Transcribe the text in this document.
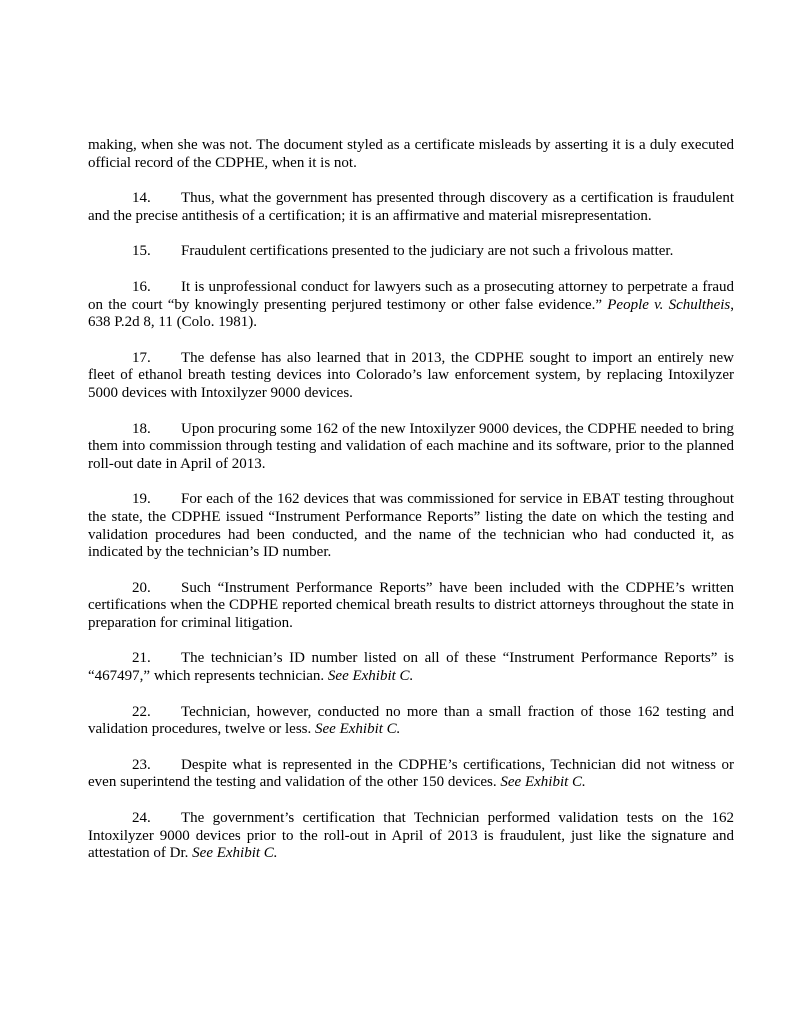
making, when she was not. The document styled as a certificate misleads by asserting it is a duly executed official record of the CDPHE, when it is not.

14. Thus, what the government has presented through discovery as a certification is fraudulent and the precise antithesis of a certification; it is an affirmative and material misrepresentation.

15. Fraudulent certifications presented to the judiciary are not such a frivolous matter.

16. It is unprofessional conduct for lawyers such as a prosecuting attorney to perpetrate a fraud on the court “by knowingly presenting perjured testimony or other false evidence.” People v. Schultheis, 638 P.2d 8, 11 (Colo. 1981).

17. The defense has also learned that in 2013, the CDPHE sought to import an entirely new fleet of ethanol breath testing devices into Colorado’s law enforcement system, by replacing Intoxilyzer 5000 devices with Intoxilyzer 9000 devices.

18. Upon procuring some 162 of the new Intoxilyzer 9000 devices, the CDPHE needed to bring them into commission through testing and validation of each machine and its software, prior to the planned roll-out date in April of 2013.

19. For each of the 162 devices that was commissioned for service in EBAT testing throughout the state, the CDPHE issued “Instrument Performance Reports” listing the date on which the testing and validation procedures had been conducted, and the name of the technician who had conducted it, as indicated by the technician’s ID number.

20. Such “Instrument Performance Reports” have been included with the CDPHE’s written certifications when the CDPHE reported chemical breath results to district attorneys throughout the state in preparation for criminal litigation.

21. The technician’s ID number listed on all of these “Instrument Performance Reports” is “467497,” which represents technician. See Exhibit C.

22. Technician, however, conducted no more than a small fraction of those 162 testing and validation procedures, twelve or less. See Exhibit C.

23. Despite what is represented in the CDPHE’s certifications, Technician did not witness or even superintend the testing and validation of the other 150 devices. See Exhibit C.

24. The government’s certification that Technician performed validation tests on the 162 Intoxilyzer 9000 devices prior to the roll-out in April of 2013 is fraudulent, just like the signature and attestation of Dr. See Exhibit C.
